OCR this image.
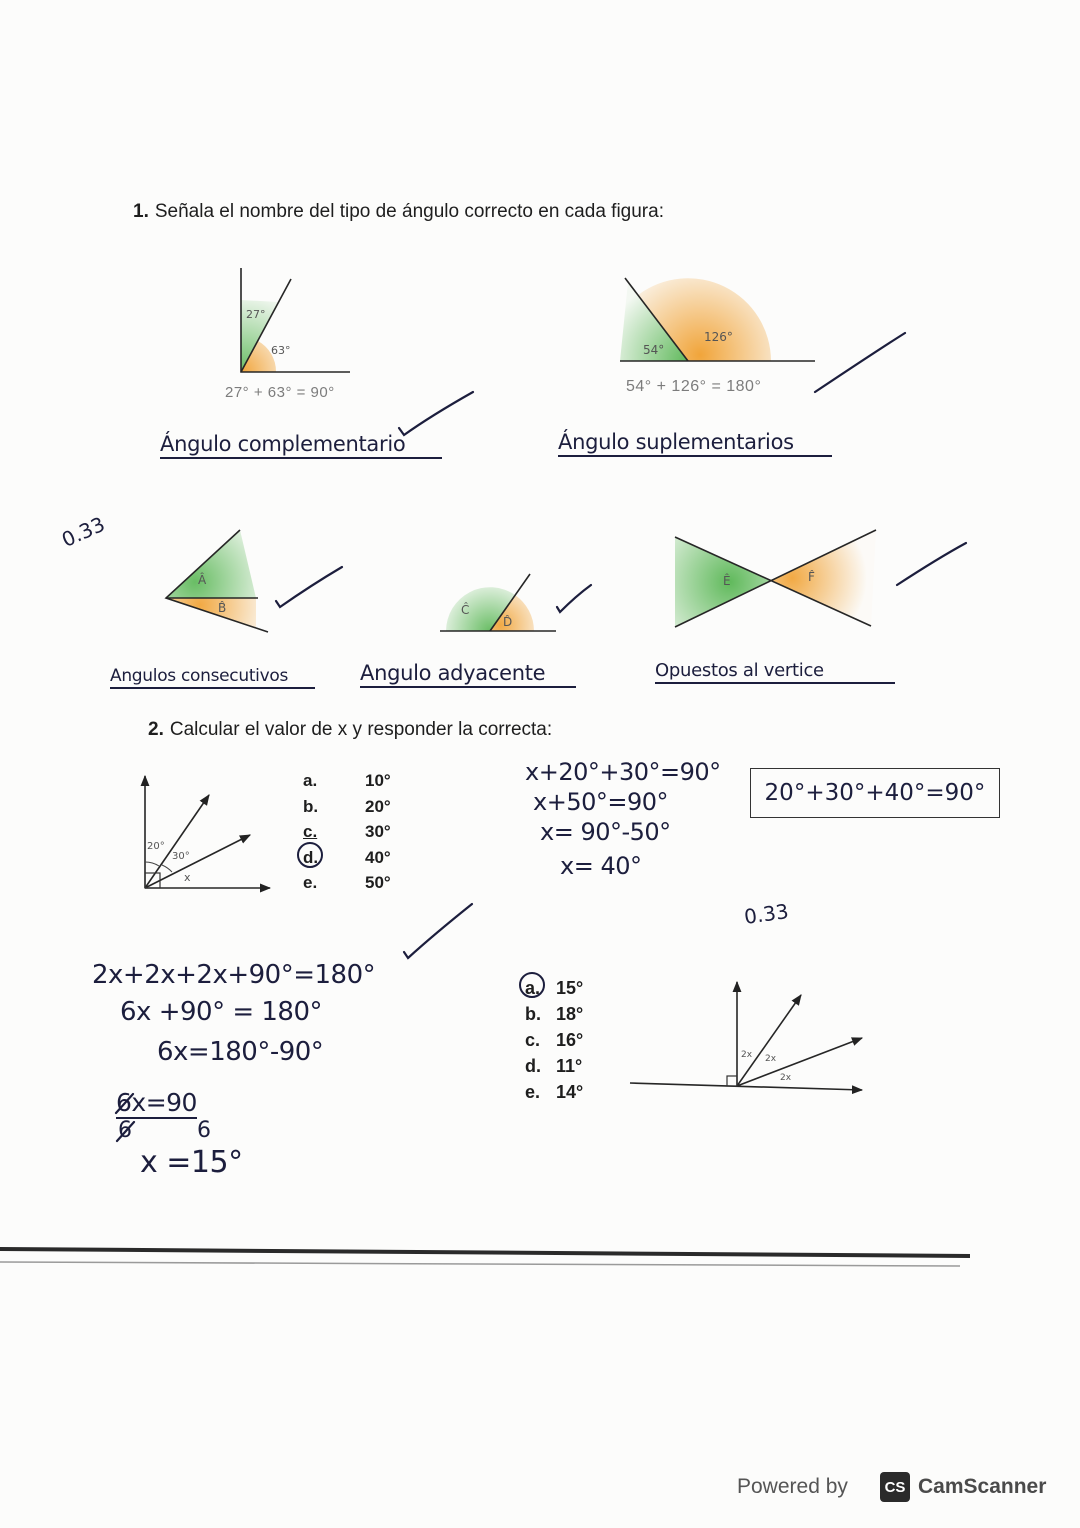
27°
63°	54°
126°
Â
B̂	Ĉ
D̂
Ê	F̂
20°
30°
x
2x 2x
2x
1. Señala el nombre del tipo de ángulo correcto en cada figura:
27° + 63° = 90°	54° + 126° = 180°
Ángulo complementario	Ángulo suplementarios
0.33
Angulos consecutivos	Angulo adyacente	Opuestos al vertice
2. Calcular el valor de x y responder la correcta:
a.	10°
b.	20°
c.	30°
d.	40°
e.	50°
x+20°+30°=90°
x+50°=90°
x= 90°-50°
x= 40°
20°+30°+40°=90°
0.33
2x+2x+2x+90°=180°
6x +90° = 180°
6x=180°-90°
6x=90
6	6
x =15°
a. 15°
b. 18°
c. 16°
d. 11°
e. 14°
Powered by CS CamScanner
